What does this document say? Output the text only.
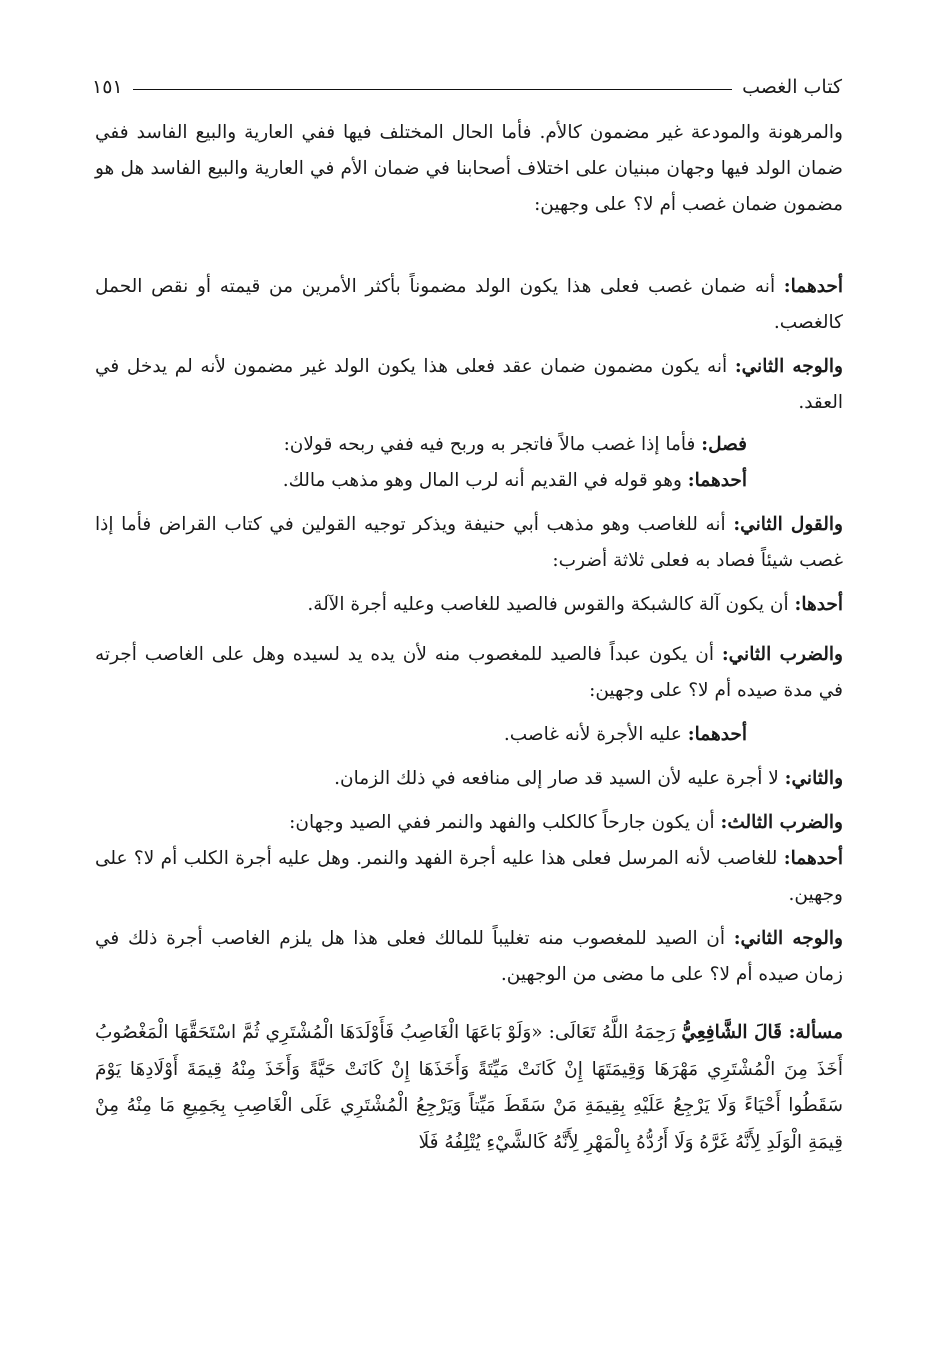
كتاب الغصب
١٥١

والمرهونة والمودعة غير مضمون كالأم. فأما الحال المختلف فيها ففي العارية والبيع الفاسد ففي ضمان الولد فيها وجهان مبنيان على اختلاف أصحابنا في ضمان الأم في العارية والبيع الفاسد هل هو مضمون ضمان غصب أم لا؟ على وجهين:

أحدهما: أنه ضمان غصب فعلى هذا يكون الولد مضموناً بأكثر الأمرين من قيمته أو نقص الحمل كالغصب.

والوجه الثاني: أنه يكون مضمون ضمان عقد فعلى هذا يكون الولد غير مضمون لأنه لم يدخل في العقد.

فصل: فأما إذا غصب مالاً فاتجر به وربح فيه ففي ربحه قولان:

أحدهما: وهو قوله في القديم أنه لرب المال وهو مذهب مالك.

والقول الثاني: أنه للغاصب وهو مذهب أبي حنيفة ويذكر توجيه القولين في كتاب القراض فأما إذا غصب شيئاً فصاد به فعلى ثلاثة أضرب:

أحدها: أن يكون آلة كالشبكة والقوس فالصيد للغاصب وعليه أجرة الآلة.

والضرب الثاني: أن يكون عبداً فالصيد للمغصوب منه لأن يده يد لسيده وهل على الغاصب أجرته في مدة صيده أم لا؟ على وجهين:

أحدهما: عليه الأجرة لأنه غاصب.

والثاني: لا أجرة عليه لأن السيد قد صار إلى منافعه في ذلك الزمان.

والضرب الثالث: أن يكون جارحاً كالكلب والفهد والنمر ففي الصيد وجهان:

أحدهما: للغاصب لأنه المرسل فعلى هذا عليه أجرة الفهد والنمر. وهل عليه أجرة الكلب أم لا؟ على وجهين.

والوجه الثاني: أن الصيد للمغصوب منه تغليباً للمالك فعلى هذا هل يلزم الغاصب أجرة ذلك في زمان صيده أم لا؟ على ما مضى من الوجهين.

مسألة: قَالَ الشَّافِعِيُّ رَحِمَهُ اللَّهُ تَعَالَى: «وَلَوْ بَاعَهَا الْغَاصِبُ فَأَوْلَدَهَا الْمُشْتَرِي ثُمَّ اسْتَحَقَّهَا الْمَغْصُوبُ أَخَذَ مِنَ الْمُشْتَرِي مَهْرَهَا وَقِيمَتَهَا إِنْ كَانَتْ مَيِّتَةً وَأَخَذَهَا إِنْ كَانَتْ حَيَّةً وَأَخَذَ مِنْهُ قِيمَةَ أَوْلَادِهَا يَوْمَ سَقَطُوا أَحْيَاءً وَلَا يَرْجِعُ عَلَيْهِ بِقِيمَةِ مَنْ سَقَطَ مَيِّتاً وَيَرْجِعُ الْمُشْتَرِي عَلَى الْغَاصِبِ بِجَمِيعِ مَا مِنْهُ مِنْ قِيمَةِ الْوَلَدِ لِأَنَّهُ غَرَّهُ وَلَا أَرُدُّهُ بِالْمَهْرِ لِأَنَّهُ كَالشَّيْءِ يُتْلِفُهُ فَلَا
